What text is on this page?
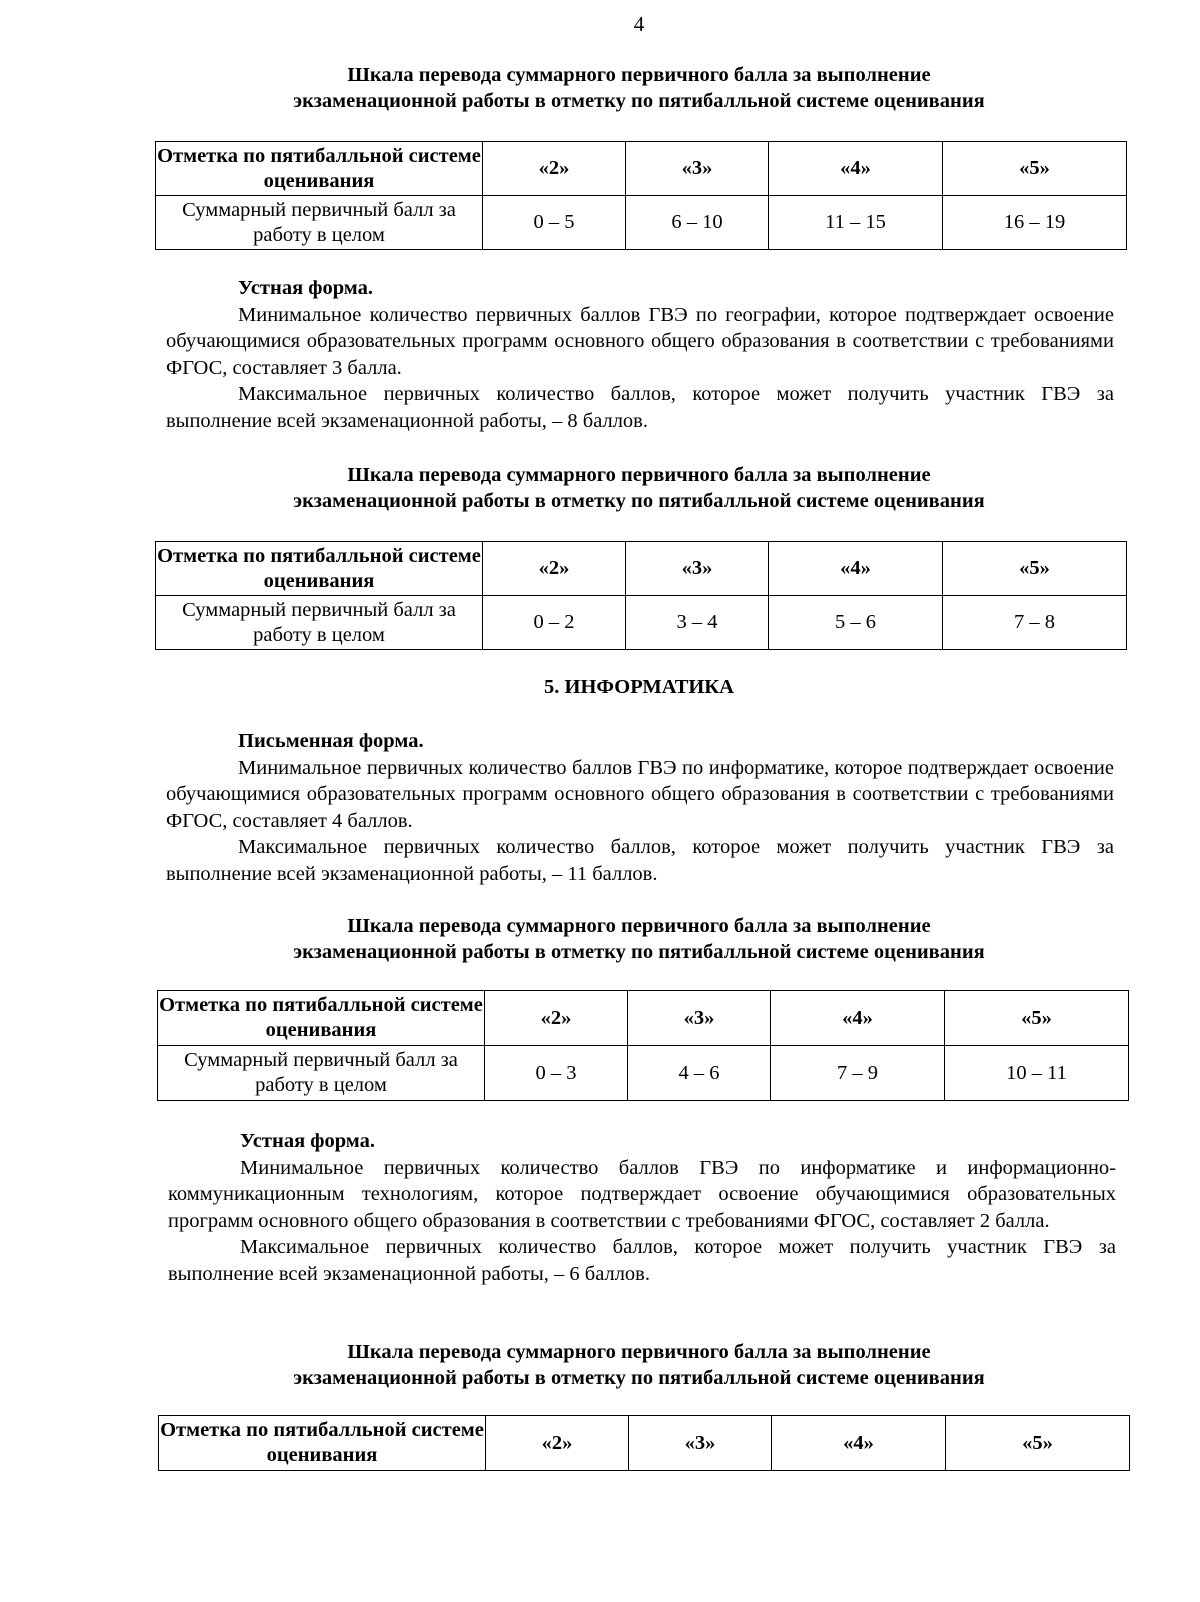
4
Шкала перевода суммарного первичного балла за выполнение
экзаменационной работы в отметку по пятибалльной системе оценивания
Отметка по пятибалльной системе оценивания	«2»	«3»	«4»	«5»
Суммарный первичный балл за работу в целом	0 – 5	6 – 10	11 – 15	16 – 19
Устная форма.

Минимальное количество первичных баллов ГВЭ по географии, которое подтверждает освоение обучающимися образовательных программ основного общего образования в соответствии с требованиями ФГОС, составляет 3 балла.

Максимальное первичных количество баллов, которое может получить участник ГВЭ за выполнение всей экзаменационной работы, – 8 баллов.

Шкала перевода суммарного первичного балла за выполнение
экзаменационной работы в отметку по пятибалльной системе оценивания
Отметка по пятибалльной системе оценивания	«2»	«3»	«4»	«5»
Суммарный первичный балл за работу в целом	0 – 2	3 – 4	5 – 6	7 – 8
5. ИНФОРМАТИКА
Письменная форма.

Минимальное первичных количество баллов ГВЭ по информатике, которое подтверждает освоение обучающимися образовательных программ основного общего образования в соответствии с требованиями ФГОС, составляет 4 баллов.

Максимальное первичных количество баллов, которое может получить участник ГВЭ за выполнение всей экзаменационной работы, – 11 баллов.

Шкала перевода суммарного первичного балла за выполнение
экзаменационной работы в отметку по пятибалльной системе оценивания
Отметка по пятибалльной системе оценивания	«2»	«3»	«4»	«5»
Суммарный первичный балл за работу в целом	0 – 3	4 – 6	7 – 9	10 – 11
Устная форма.

Минимальное первичных количество баллов ГВЭ по информатике и информационно-коммуникационным технологиям, которое подтверждает освоение обучающимися образовательных программ основного общего образования в соответствии с требованиями ФГОС, составляет 2 балла.

Максимальное первичных количество баллов, которое может получить участник ГВЭ за выполнение всей экзаменационной работы, – 6 баллов.

Шкала перевода суммарного первичного балла за выполнение
экзаменационной работы в отметку по пятибалльной системе оценивания
Отметка по пятибалльной системе оценивания	«2»	«3»	«4»	«5»
